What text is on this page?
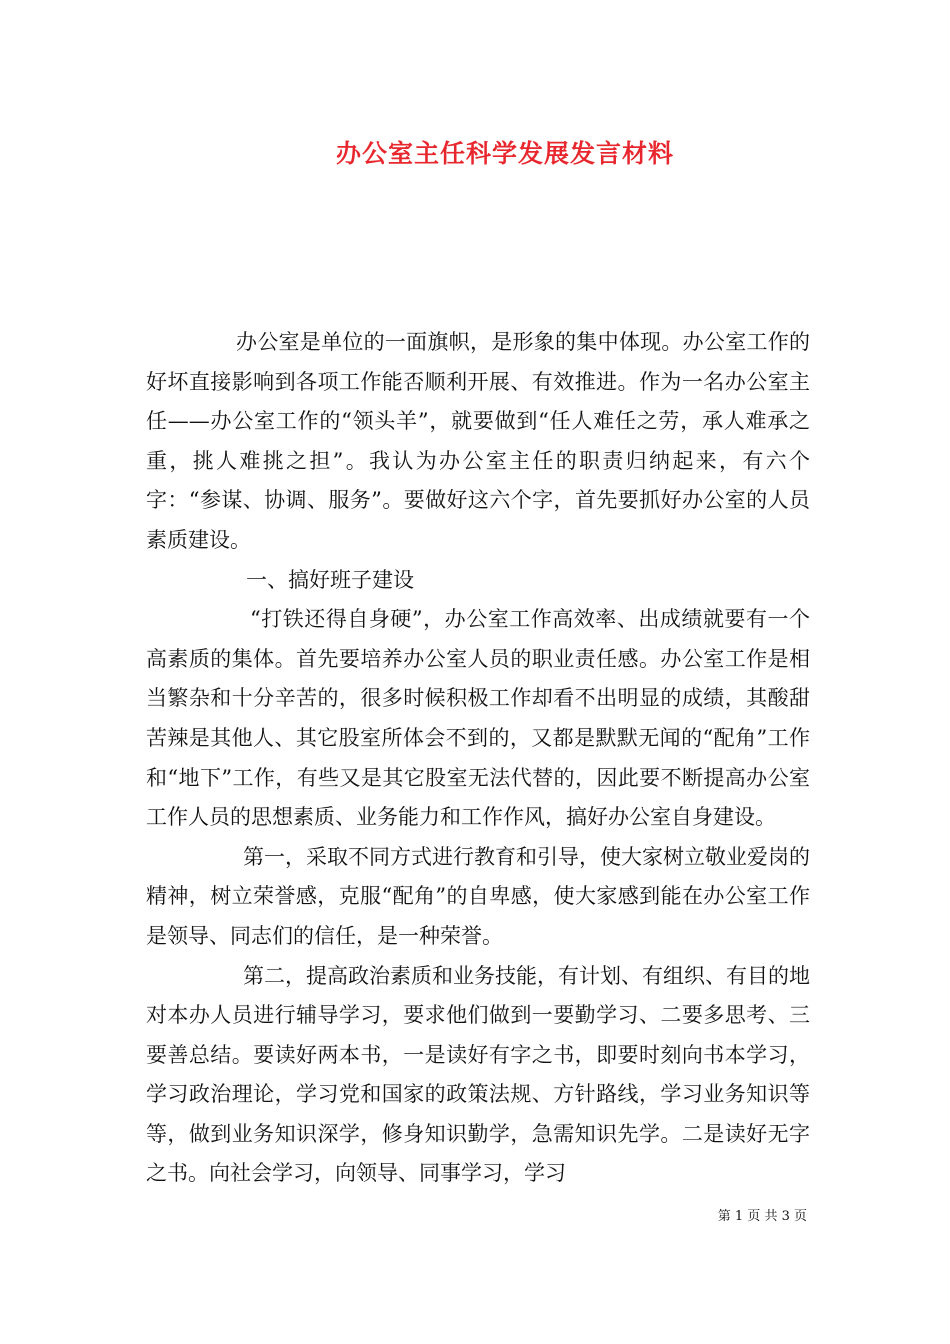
办公室主任科学发展发言材料

办公室是单位的一面旗帜，是形象的集中体现。办公室工作的好坏直接影响到各项工作能否顺利开展、有效推进。作为一名办公室主任——办公室工作的“领头羊”，就要做到“任人难任之劳，承人难承之重，挑人难挑之担”。我认为办公室主任的职责归纳起来，有六个字：“参谋、协调、服务”。要做好这六个字，首先要抓好办公室的人员素质建设。

一、搞好班子建设

“打铁还得自身硬”，办公室工作高效率、出成绩就要有一个高素质的集体。首先要培养办公室人员的职业责任感。办公室工作是相当繁杂和十分辛苦的，很多时候积极工作却看不出明显的成绩，其酸甜苦辣是其他人、其它股室所体会不到的，又都是默默无闻的“配角”工作和“地下”工作，有些又是其它股室无法代替的，因此要不断提高办公室工作人员的思想素质、业务能力和工作作风，搞好办公室自身建设。

第一，采取不同方式进行教育和引导，使大家树立敬业爱岗的精神，树立荣誉感，克服“配角”的自卑感，使大家感到能在办公室工作是领导、同志们的信任，是一种荣誉。

第二，提高政治素质和业务技能，有计划、有组织、有目的地对本办人员进行辅导学习，要求他们做到一要勤学习、二要多思考、三要善总结。要读好两本书，一是读好有字之书，即要时刻向书本学习，学习政治理论，学习党和国家的政策法规、方针路线，学习业务知识等等，做到业务知识深学，修身知识勤学，急需知识先学。二是读好无字之书。向社会学习，向领导、同事学习，学习

第 1 页 共 3 页
